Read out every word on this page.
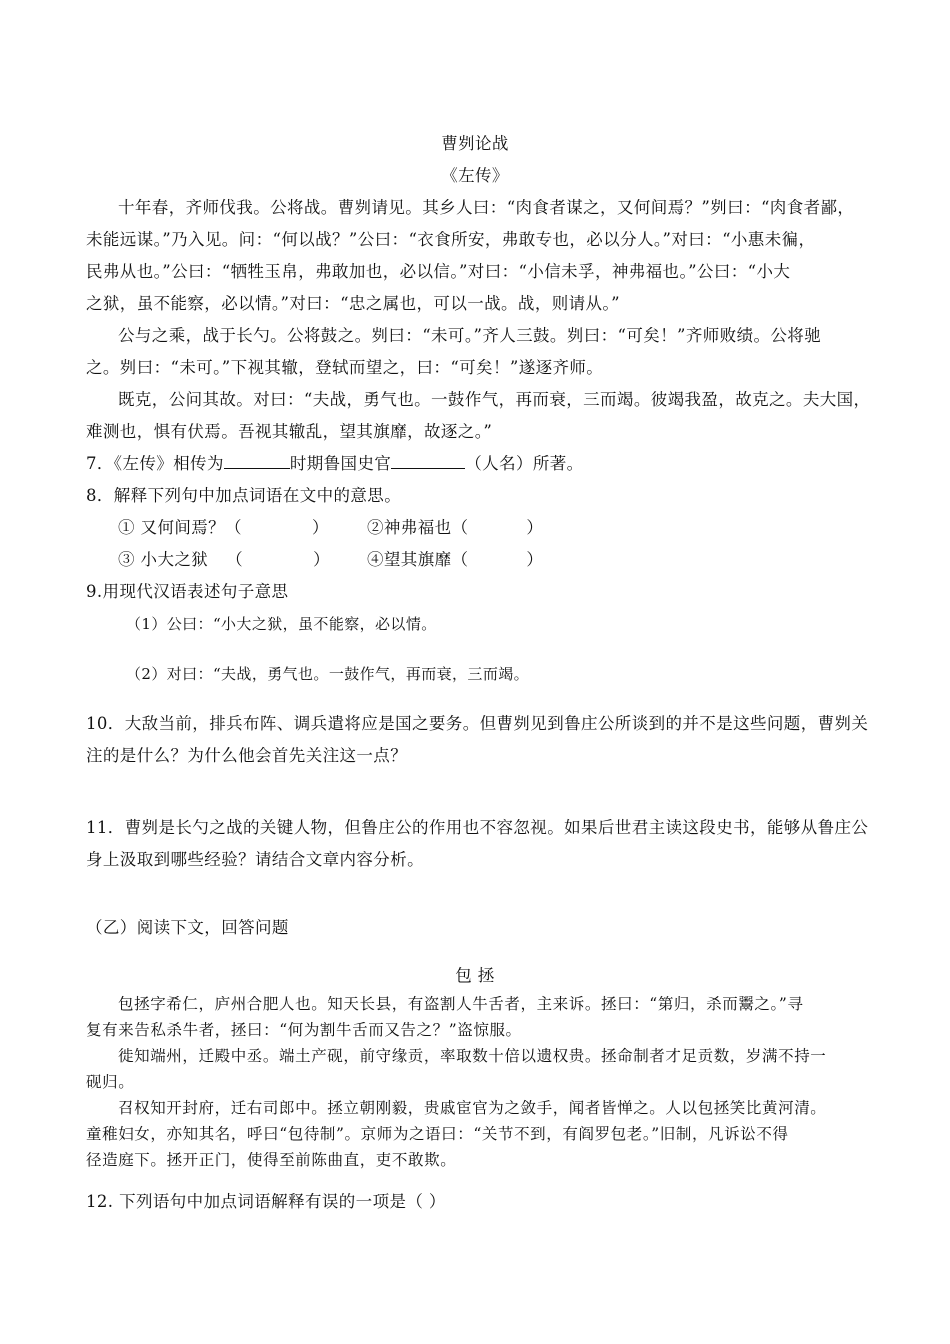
曹刿论战
《左传》
十年春，齐师伐我。公将战。曹刿请见。其乡人曰：“肉食者谋之，又何间焉？”刿曰：“肉食者鄙，
未能远谋。”乃入见。问：“何以战？”公曰：“衣食所安，弗敢专也，必以分人。”对曰：“小惠未徧，
民弗从也。”公曰：“牺牲玉帛，弗敢加也，必以信。”对曰：“小信未孚，神弗福也。”公曰：“小大
之狱，虽不能察，必以情。”对曰：“忠之属也，可以一战。战，则请从。”
公与之乘，战于长勺。公将鼓之。刿曰：“未可。”齐人三鼓。刿曰：“可矣！”齐师败绩。公将驰
之。刿曰：“未可。”下视其辙，登轼而望之，曰：“可矣！”遂逐齐师。
既克，公问其故。对曰：“夫战，勇气也。一鼓作气，再而衰，三而竭。彼竭我盈，故克之。夫大国，
难测也，惧有伏焉。吾视其辙乱，望其旗靡，故逐之。”
7．《左传》相传为	时期鲁国史官	（人名）所著。
8．解释下列句中加点词语在文中的意思。
① 又何间焉？（	） ②神弗福也（	）
③ 小大之狱 （	） ④望其旗靡（	）
9.用现代汉语表述句子意思
（1）公曰：“小大之狱，虽不能察，必以情。
（2）对曰：“夫战，勇气也。一鼓作气，再而衰，三而竭。
10．大敌当前，排兵布阵、调兵遣将应是国之要务。但曹刿见到鲁庄公所谈到的并不是这些问题，曹刿关
注的是什么？为什么他会首先关注这一点？
11．曹刿是长勺之战的关键人物，但鲁庄公的作用也不容忽视。如果后世君主读这段史书，能够从鲁庄公
身上汲取到哪些经验？请结合文章内容分析。
（乙）阅读下文，回答问题
包 拯
包拯字希仁，庐州合肥人也。知天长县，有盗割人牛舌者，主来诉。拯曰：“第归，杀而鬻之。”寻
复有来告私杀牛者，拯曰：“何为割牛舌而又告之？”盗惊服。
徙知端州，迁殿中丞。端土产砚，前守缘贡，率取数十倍以遗权贵。拯命制者才足贡数，岁满不持一
砚归。
召权知开封府，迁右司郎中。拯立朝刚毅，贵戚宦官为之敛手，闻者皆惮之。人以包拯笑比黄河清。
童稚妇女，亦知其名，呼曰“包待制”。京师为之语曰：“关节不到，有阎罗包老。”旧制，凡诉讼不得
径造庭下。拯开正门，使得至前陈曲直，吏不敢欺。
12. 下列语句中加点词语解释有误的一项是（ ）
